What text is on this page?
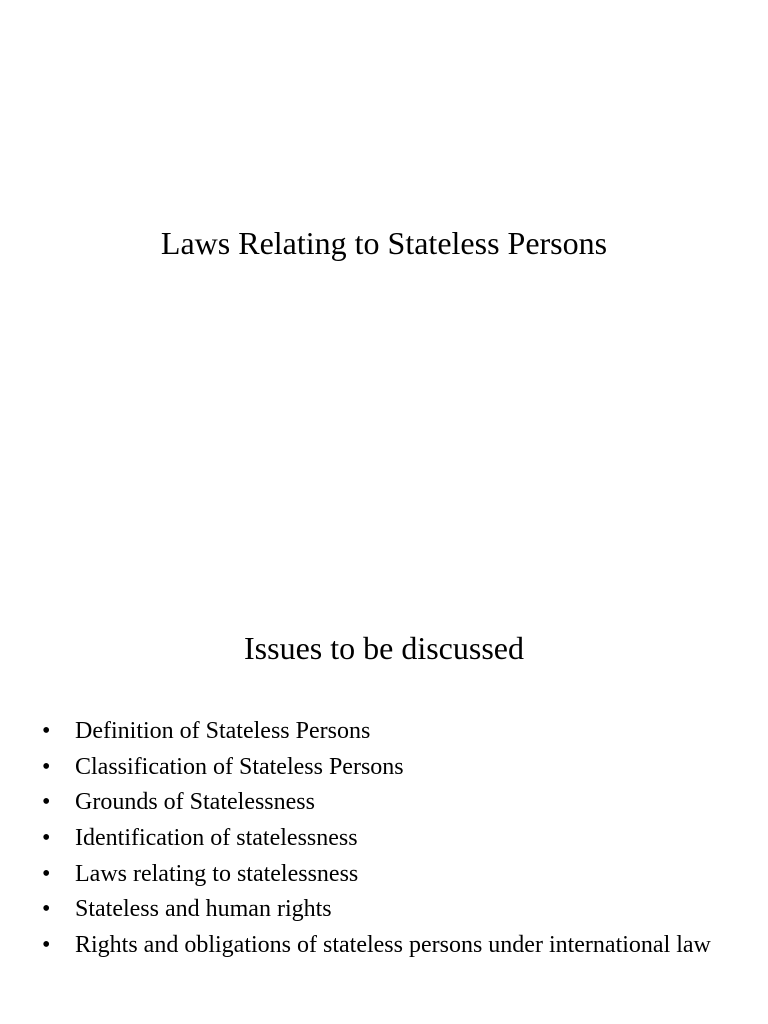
Laws Relating to Stateless Persons
Issues to be discussed
• Definition of Stateless Persons
• Classification of Stateless Persons
• Grounds of Statelessness
• Identification of statelessness
• Laws relating to statelessness
• Stateless and human rights
• Rights and obligations of stateless persons under international law
